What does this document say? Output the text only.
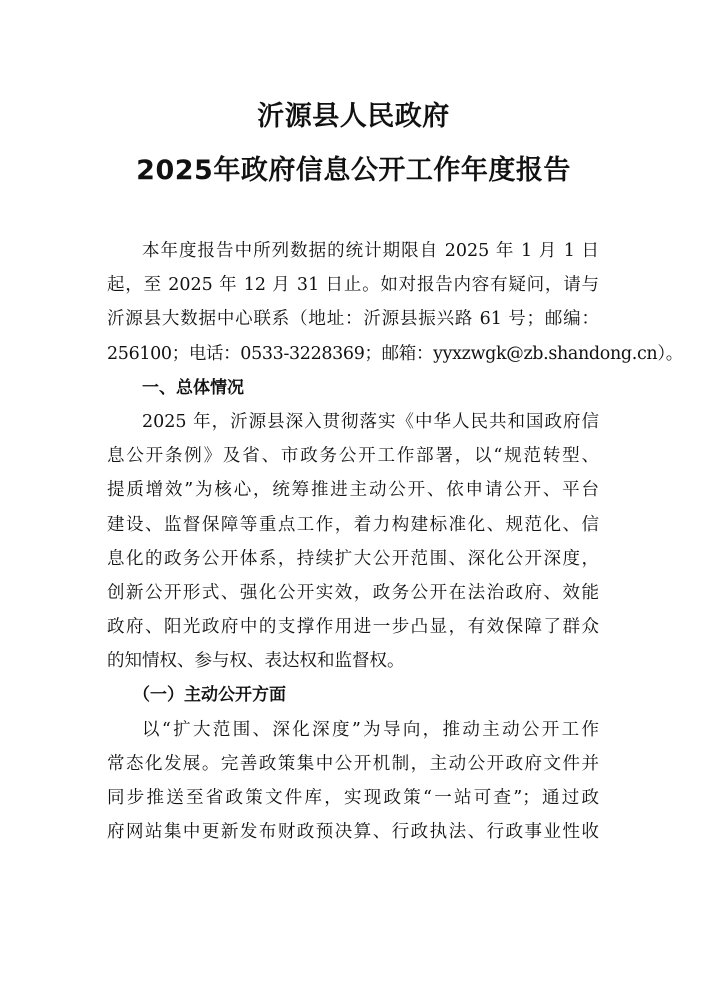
沂源县人民政府
2025年政府信息公开工作年度报告
本年度报告中所列数据的统计期限自 2025 年 1 月 1 日
起，至 2025 年 12 月 31 日止。如对报告内容有疑问，请与
沂源县大数据中心联系（地址：沂源县振兴路 61 号；邮编：
256100；电话：0533-3228369；邮箱：yyxzwgk@zb.shandong.cn）。
一、总体情况
2025 年，沂源县深入贯彻落实《中华人民共和国政府信
息公开条例》及省、市政务公开工作部署，以“规范转型、
提质增效”为核心，统筹推进主动公开、依申请公开、平台
建设、监督保障等重点工作，着力构建标准化、规范化、信
息化的政务公开体系，持续扩大公开范围、深化公开深度，
创新公开形式、强化公开实效，政务公开在法治政府、效能
政府、阳光政府中的支撑作用进一步凸显，有效保障了群众
的知情权、参与权、表达权和监督权。
（一）主动公开方面
以“扩大范围、深化深度”为导向，推动主动公开工作
常态化发展。完善政策集中公开机制，主动公开政府文件并
同步推送至省政策文件库，实现政策“一站可查”；通过政
府网站集中更新发布财政预决算、行政执法、行政事业性收
